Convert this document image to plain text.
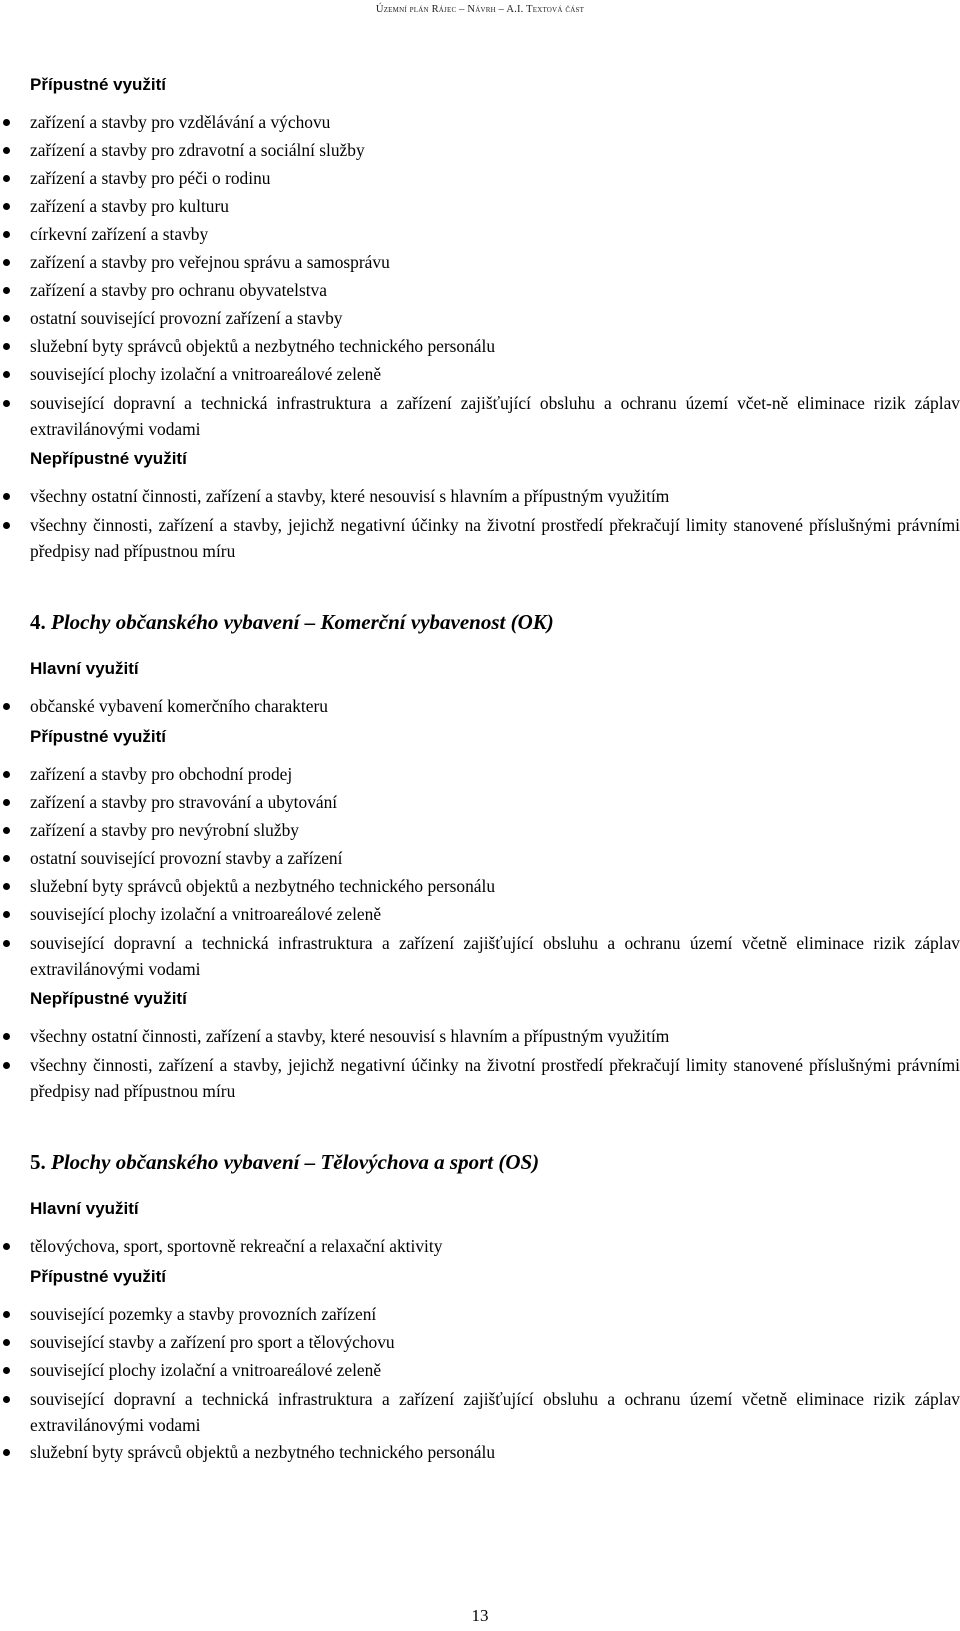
Územní plán Rájec – Návrh – A.I. Textová část

Přípustné využití

zařízení a stavby pro vzdělávání a výchovu
zařízení a stavby pro zdravotní a sociální služby
zařízení a stavby pro péči o rodinu
zařízení a stavby pro kulturu
církevní zařízení a stavby
zařízení a stavby pro veřejnou správu a samosprávu
zařízení a stavby pro ochranu obyvatelstva
ostatní související provozní zařízení a stavby
služební byty správců objektů a nezbytného technického personálu
související plochy izolační a vnitroareálové zeleně
související dopravní a technická infrastruktura a zařízení zajišťující obsluhu a ochranu území včet-ně eliminace rizik záplav extravilánovými vodami

Nepřípustné využití

všechny ostatní činnosti, zařízení a stavby, které nesouvisí s hlavním a přípustným využitím
všechny činnosti, zařízení a stavby, jejichž negativní účinky na životní prostředí překračují limity stanovené příslušnými právními předpisy nad přípustnou míru
4. Plochy občanského vybavení – Komerční vybavenost (OK)

Hlavní využití

občanské vybavení komerčního charakteru

Přípustné využití

zařízení a stavby pro obchodní prodej
zařízení a stavby pro stravování a ubytování
zařízení a stavby pro nevýrobní služby
ostatní související provozní stavby a zařízení
služební byty správců objektů a nezbytného technického personálu
související plochy izolační a vnitroareálové zeleně
související dopravní a technická infrastruktura a zařízení zajišťující obsluhu a ochranu území včetně eliminace rizik záplav extravilánovými vodami

Nepřípustné využití

všechny ostatní činnosti, zařízení a stavby, které nesouvisí s hlavním a přípustným využitím
všechny činnosti, zařízení a stavby, jejichž negativní účinky na životní prostředí překračují limity stanovené příslušnými právními předpisy nad přípustnou míru
5. Plochy občanského vybavení – Tělovýchova a sport (OS)

Hlavní využití

tělovýchova, sport, sportovně rekreační a relaxační aktivity

Přípustné využití

související pozemky a stavby provozních zařízení
související stavby a zařízení pro sport a tělovýchovu
související plochy izolační a vnitroareálové zeleně
související dopravní a technická infrastruktura a zařízení zajišťující obsluhu a ochranu území včetně eliminace rizik záplav extravilánovými vodami
služební byty správců objektů a nezbytného technického personálu
13
